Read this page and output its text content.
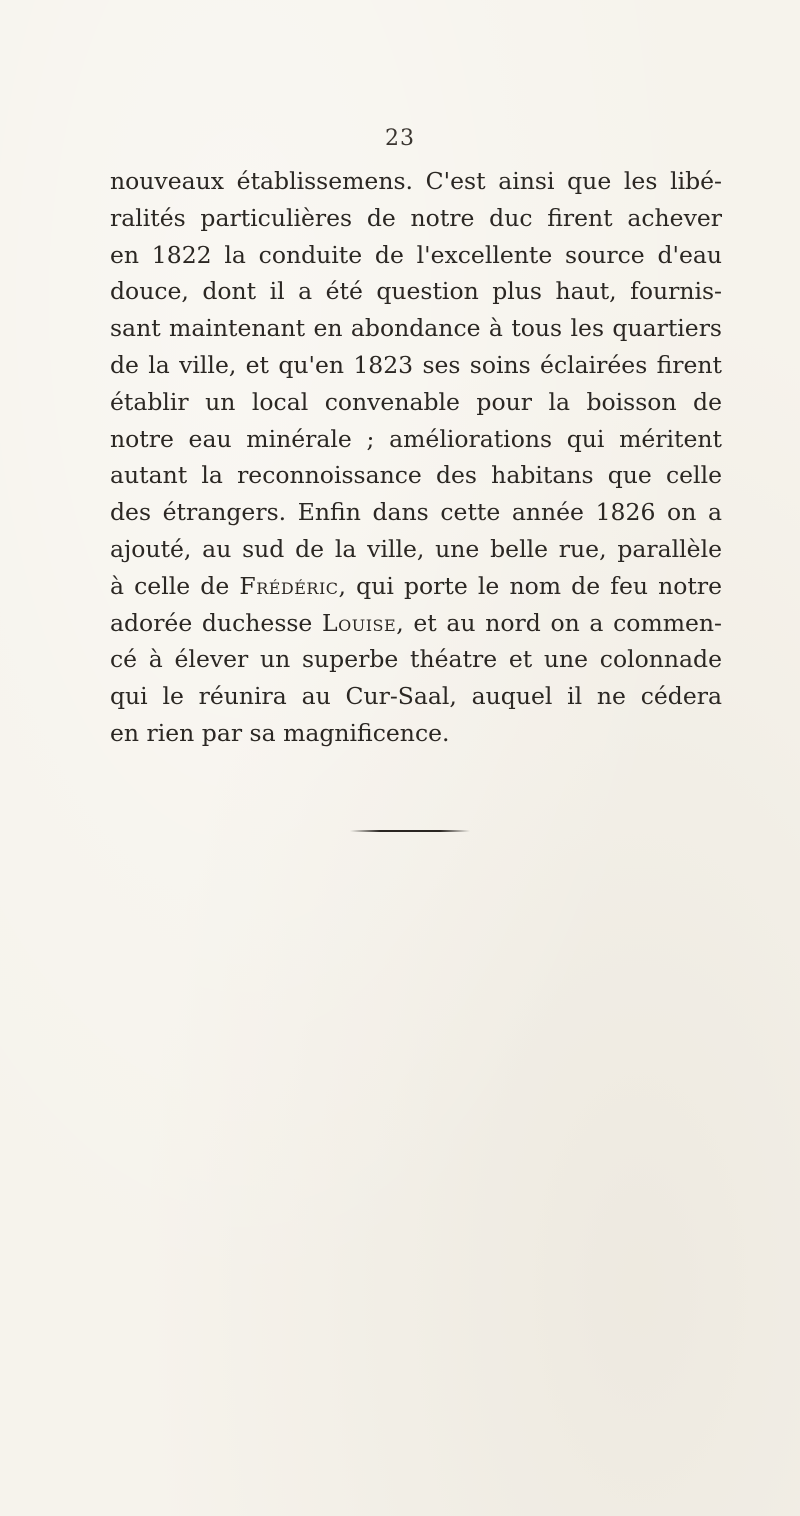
23

nouveaux établissemens. C'est ainsi que les libé-
ralités particulières de notre duc firent achever
en 1822 la conduite de l'excellente source d'eau
douce, dont il a été question plus haut, fournis-
sant maintenant en abondance à tous les quartiers
de la ville, et qu'en 1823 ses soins éclairées firent
établir un local convenable pour la boisson de
notre eau minérale ; améliorations qui méritent
autant la reconnoissance des habitans que celle
des étrangers. Enfin dans cette année 1826 on a
ajouté, au sud de la ville, une belle rue, parallèle
à celle de Frédéric, qui porte le nom de feu notre
adorée duchesse Louise, et au nord on a commen-
cé à élever un superbe théatre et une colonnade
qui le réunira au Cur-Saal, auquel il ne cédera
en rien par sa magnificence.
